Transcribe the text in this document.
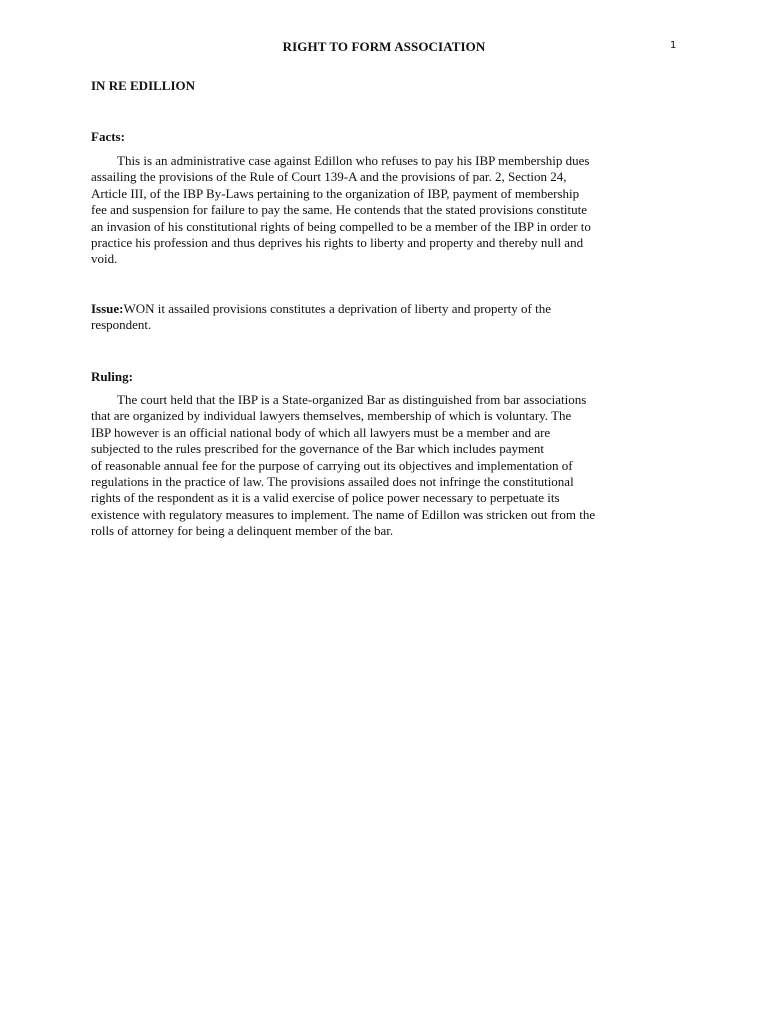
RIGHT TO FORM ASSOCIATION	1
IN RE EDILLION
Facts:
This is an administrative case against Edillon who refuses to pay his IBP membership dues
assailing the provisions of the Rule of Court 139-A and the provisions of par. 2, Section 24,
Article III, of the IBP By-Laws pertaining to the organization of IBP, payment of membership
fee and suspension for failure to pay the same. He contends that the stated provisions constitute
an invasion of his constitutional rights of being compelled to be a member of the IBP in order to
practice his profession and thus deprives his rights to liberty and property and thereby null and
void.
Issue:WON it assailed provisions constitutes a deprivation of liberty and property of the
respondent.
Ruling:
The court held that the IBP is a State-organized Bar as distinguished from bar associations
that are organized by individual lawyers themselves, membership of which is voluntary. The
IBP however is an official national body of which all lawyers must be a member and are
subjected to the rules prescribed for the governance of the Bar which includes payment
of reasonable annual fee for the purpose of carrying out its objectives and implementation of
regulations in the practice of law. The provisions assailed does not infringe the constitutional
rights of the respondent as it is a valid exercise of police power necessary to perpetuate its
existence with regulatory measures to implement. The name of Edillon was stricken out from the
rolls of attorney for being a delinquent member of the bar.
